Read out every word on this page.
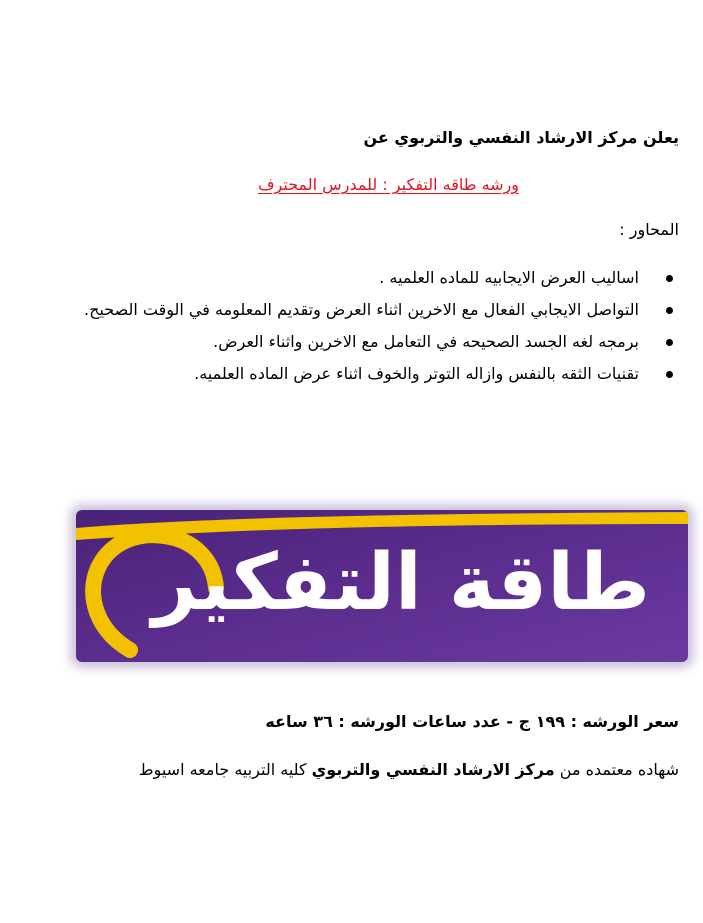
يعلن مركز الارشاد النفسي والتربوي عن
ورشه طاقه التفكير : للمدرس المحترف
المحاور :
اساليب العرض الايجابيه للماده العلميه .
التواصل الايجابي الفعال مع الاخرين اثناء العرض وتقديم المعلومه في الوقت الصحيح.
برمجه لغه الجسد الصحيحه في التعامل مع الاخرين واثناء العرض.
تقنيات الثقه بالنفس وازاله التوتر والخوف اثناء عرض الماده العلميه.
طاقة التفكير
سعر الورشه : ١٩٩ ج - عدد ساعات الورشه : ٣٦ ساعه
شهاده معتمده من مركز الارشاد النفسي والتربوي كليه التربيه جامعه اسيوط
